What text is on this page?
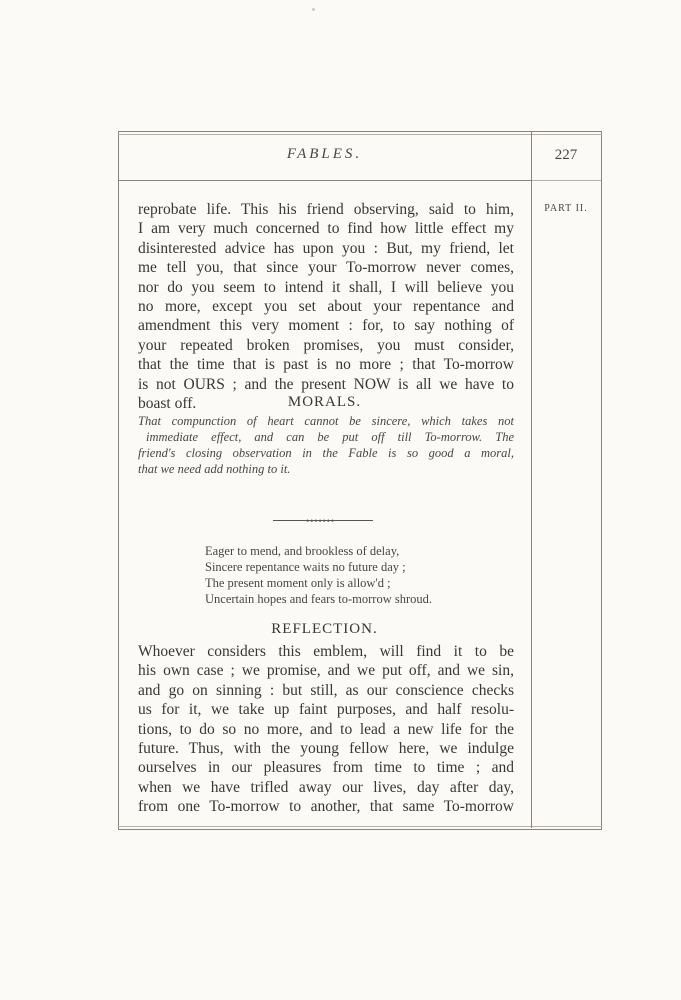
FABLES.	227
PART II.
reprobate life. This his friend observing, said to him,
I am very much concerned to find how little effect my
disinterested advice has upon you : But, my friend, let
me tell you, that since your To-morrow never comes,
nor do you seem to intend it shall, I will believe you
no more, except you set about your repentance and
amendment this very moment : for, to say nothing of
your repeated broken promises, you must consider,
that the time that is past is no more ; that To-morrow
is not OURS ; and the present NOW is all we have to
boast off.	MORALS.
That compunction of heart cannot be sincere, which takes not
immediate effect, and can be put off till To-morrow. The
friend's closing observation in the Fable is so good a moral,
that we need add nothing to it.
•••••••
Eager to mend, and brookless of delay,
Sincere repentance waits no future day ;
The present moment only is allow'd ;
Uncertain hopes and fears to-morrow shroud.
REFLECTION.
Whoever considers this emblem, will find it to be
his own case ; we promise, and we put off, and we sin,
and go on sinning : but still, as our conscience checks
us for it, we take up faint purposes, and half resolu-
tions, to do so no more, and to lead a new life for the
future. Thus, with the young fellow here, we indulge
ourselves in our pleasures from time to time ; and
when we have trifled away our lives, day after day,
from one To-morrow to another, that same To-morrow
